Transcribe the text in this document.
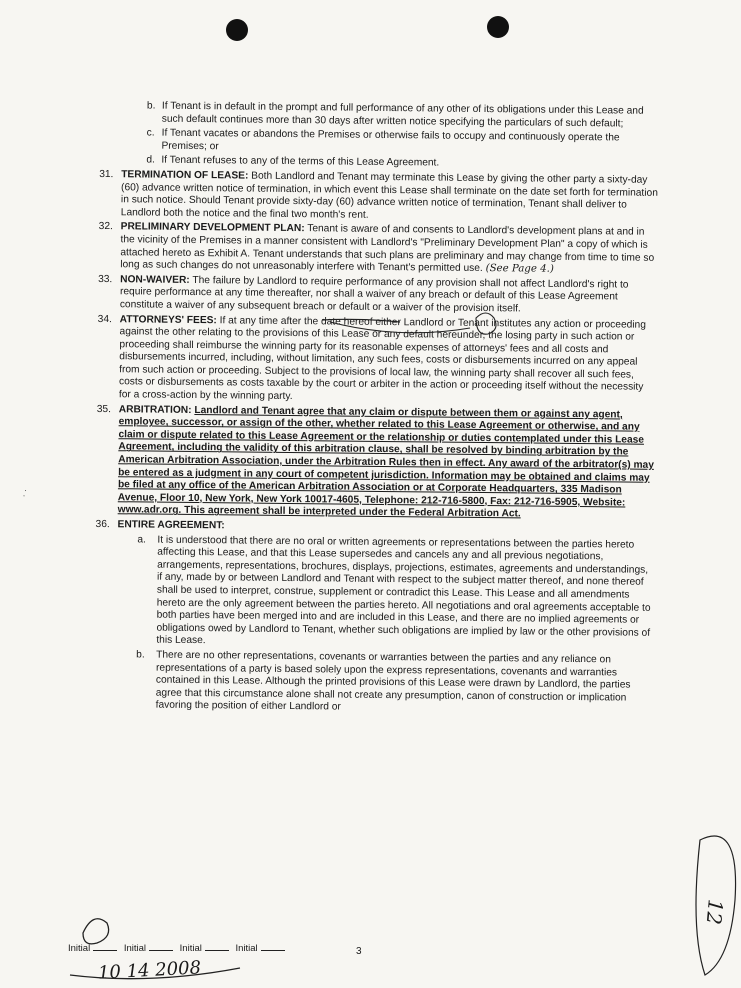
b. If Tenant is in default in the prompt and full performance of any other of its obligations under this Lease and such default continues more than 30 days after written notice specifying the particulars of such default;
c. If Tenant vacates or abandons the Premises or otherwise fails to occupy and continuously operate the Premises; or
d. If Tenant refuses to any of the terms of this Lease Agreement.
31. TERMINATION OF LEASE: Both Landlord and Tenant may terminate this Lease by giving the other party a sixty-day (60) advance written notice of termination, in which event this Lease shall terminate on the date set forth for termination in such notice. Should Tenant provide sixty-day (60) advance written notice of termination, Tenant shall deliver to Landlord both the notice and the final two month's rent.
32. PRELIMINARY DEVELOPMENT PLAN: Tenant is aware of and consents to Landlord's development plans at and in the vicinity of the Premises in a manner consistent with Landlord's "Preliminary Development Plan" a copy of which is attached hereto as Exhibit A. Tenant understands that such plans are preliminary and may change from time to time so long as such changes do not unreasonably interfere with Tenant's permitted use. (See Page 4.)
33. NON-WAIVER: The failure by Landlord to require performance of any provision shall not affect Landlord's right to require performance at any time thereafter, nor shall a waiver of any breach or default of this Lease Agreement constitute a waiver of any subsequent breach or default or a waiver of the provision itself.
34. ATTORNEYS' FEES: If at any time after the date hereof either Landlord or Tenant institutes any action or proceeding against the other relating to the provisions of this Lease or any default hereunder, the losing party in such action or proceeding shall reimburse the winning party for its reasonable expenses of attorneys' fees and all costs and disbursements incurred, including, without limitation, any such fees, costs or disbursements incurred on any appeal from such action or proceeding. Subject to the provisions of local law, the winning party shall recover all such fees, costs or disbursements as costs taxable by the court or arbiter in the action or proceeding itself without the necessity for a cross-action by the winning party.
35. ARBITRATION: Landlord and Tenant agree that any claim or dispute between them or against any agent, employee, successor, or assign of the other, whether related to this Lease Agreement or otherwise, and any claim or dispute related to this Lease Agreement or the relationship or duties contemplated under this Lease Agreement, including the validity of this arbitration clause, shall be resolved by binding arbitration by the American Arbitration Association, under the Arbitration Rules then in effect. Any award of the arbitrator(s) may be entered as a judgment in any court of competent jurisdiction. Information may be obtained and claims may be filed at any office of the American Arbitration Association or at Corporate Headquarters, 335 Madison Avenue, Floor 10, New York, New York 10017-4605, Telephone: 212-716-5800, Fax: 212-716-5905, Website: www.adr.org. This agreement shall be interpreted under the Federal Arbitration Act.
36. ENTIRE AGREEMENT:
a. It is understood that there are no oral or written agreements or representations between the parties hereto affecting this Lease, and that this Lease supersedes and cancels any and all previous negotiations, arrangements, representations, brochures, displays, projections, estimates, agreements and understandings, if any, made by or between Landlord and Tenant with respect to the subject matter thereof, and none thereof shall be used to interpret, construe, supplement or contradict this Lease. This Lease and all amendments hereto are the only agreement between the parties hereto. All negotiations and oral agreements acceptable to both parties have been merged into and are included in this Lease, and there are no implied agreements or obligations owed by Landlord to Tenant, whether such obligations are implied by law or the other provisions of this Lease.
b. There are no other representations, covenants or warranties between the parties and any reliance on representations of a party is based solely upon the express representations, covenants and warranties contained in this Lease. Although the printed provisions of this Lease were drawn by Landlord, the parties agree that this circumstance alone shall not create any presumption, canon of construction or implication favoring the position of either Landlord or
· ·
Initial	Initial	Initial	Initial	3
10 14 2008
12
